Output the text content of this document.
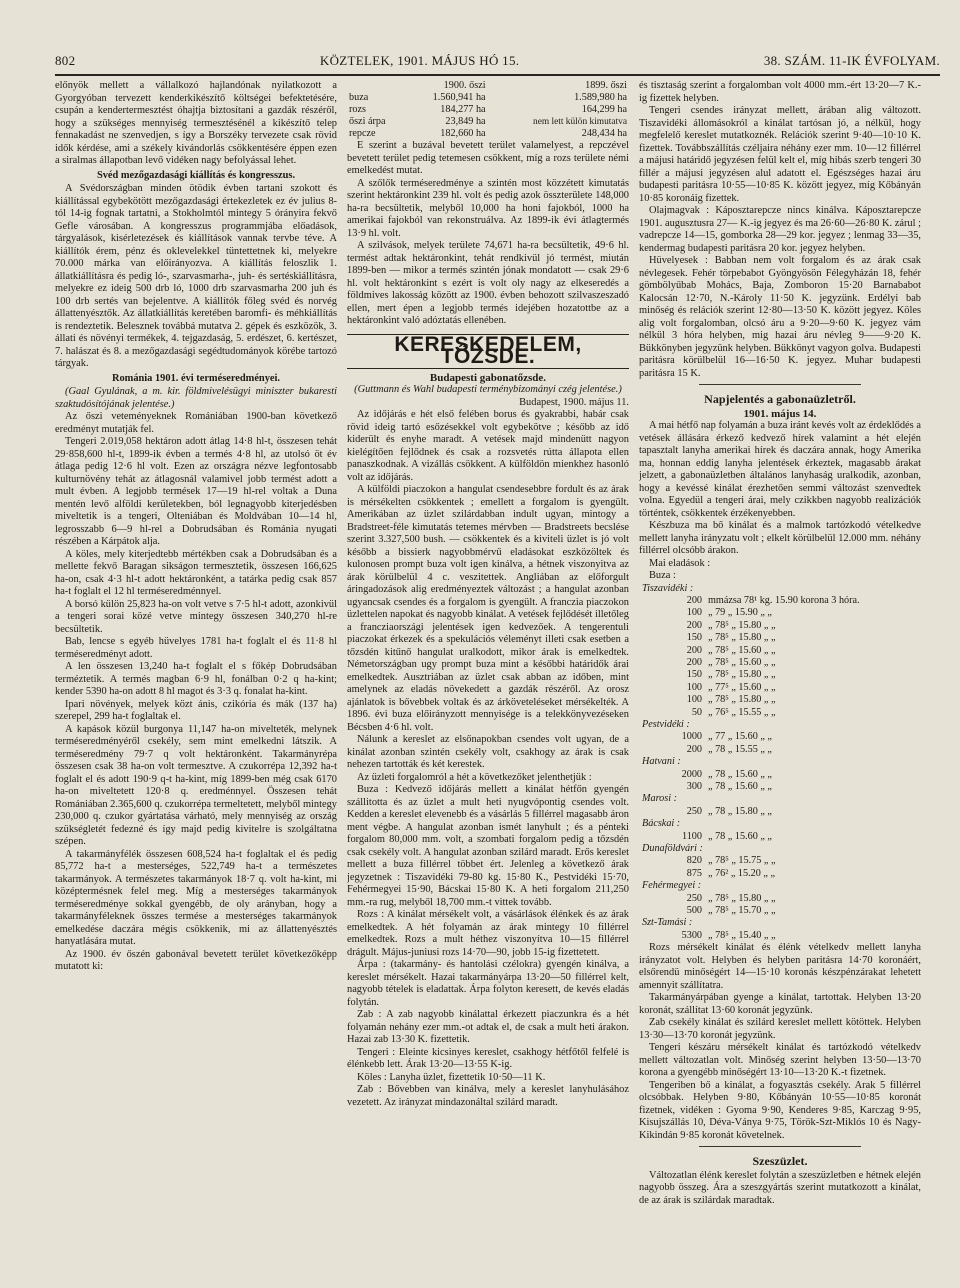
802	KÖZTELEK, 1901. MÁJUS HÓ 15.	38. SZÁM. 11-IK ÉVFOLYAM.

előnyök mellett a vállalkozó hajlandónak nyilatkozott a Gyorgyóban tervezett kenderkikészítő költségei befektetésére, csupán a kendertermesztést óhajtja biztosítani a gazdák részéről, hogy a szükséges mennyiség termesztésénél a kikészítő telep fennakadást ne szenvedjen, s így a Borszéky tervezete csak rövid idők kérdése, ami a székely kivándorlás csökkentésére éppen ezen a siralmas állapotban levő vidéken nagy befolyással lehet.

Svéd mezőgazdasági kiállítás és kongresszus.

A Svédországban minden ötödik évben tartani szokott és kiállítással egybekötött mezőgazdasági értekezletek ez év julius 8-tól 14-ig fognak tartatni, a Stokholmtól mintegy 5 órányira fekvő Gefle városában. A kongresszus programmjába előadások, tárgyalások, kisérletezések és kiállítások vannak tervbe téve. A kiállítók érem, pénz és oklevelekkel tüntettetnek ki, melyekre 70.000 márka van előirányozva. A kiállítás feloszlik 1. állatkiállításra és pedig ló-, szarvasmarha-, juh- és sertéskiállításra, melyekre ez ideig 500 drb ló, 1000 drb szarvasmarha 200 juh és 100 drb sertés van bejelentve. A kiállítók főleg svéd és norvég állattenyésztők. Az állatkiállítás keretében baromfi- és méhkiállítás is rendeztetik. Belesznek továbbá mutatva 2. gépek és eszközök, 3. állati és növényi termékek, 4. tejgazdaság, 5. erdészet, 6. kertészet, 7. halászat és 8. a mezőgazdasági segédtudományok körébe tartozó tárgyak.

Románia 1901. évi terméseredményei.

(Gaal Gyulának, a m. kir. földmivelésügyi miniszter bukaresti szaktudósítójának jelentése.)

Az őszi veteményeknek Romániában 1900-ban következő eredményt mutatják fel.

Tengeri 2.019,058 hektáron adott átlag 14·8 hl-t, összesen tehát 29·858,600 hl-t, 1899-ik évben a termés 4·8 hl, az utolsó öt év átlaga pedig 12·6 hl volt. Ezen az országra nézve legfontosabb kulturnövény tehát az átlagosnál valamivel jobb termést adott a mult évben. A legjobb termések 17—19 hl-rel voltak a Duna mentén levő alföldi kerületekben, ból legnagyobb kiterjedésben miveltetik is a tengeri, Olteniában és Moldvában 10—14 hl, legrosszabb 6—9 hl-rel a Dobrudsában és Románia nyugati részében a Kárpátok alja.

A köles, mely kiterjedtebb mértékben csak a Dobrudsában és a mellette fekvő Baragan sikságon termesztetik, összesen 166,625 ha-on, csak 4·3 hl-t adott hektáronként, a tatárka pedig csak 857 ha-t foglalt el 12 hl terméseredménnyel.

A borsó külön 25,823 ha-on volt vetve s 7·5 hl-t adott, azonkivül a tengeri sorai közé vetve mintegy összesen 340,270 hl-re becsültetik.

Bab, lencse s egyéb hüvelyes 1781 ha-t foglalt el és 11·8 hl terméseredményt adott.

A len összesen 13,240 ha-t foglalt el s főkép Dobrudsában terméztetik. A termés magban 6·9 hl, fonálban 0·2 q ha-kint; kender 5390 ha-on adott 8 hl magot és 3·3 q. fonalat ha-kint.

Ipari növények, melyek közt ánis, czikória és mák (137 ha) szerepel, 299 ha-t foglaltak el.

A kapások közül burgonya 11,147 ha-on mivelteték, melynek terméseredményéről csekély, sem mint emelkedni látszik. A terméseredmény 79·7 q volt hektáronként. Takarmányrépa összesen csak 38 ha-on volt termesztve. A czukorrépa 12,392 ha-t foglalt el és adott 190·9 q-t ha-kint, míg 1899-ben még csak 6170 ha-on miveltetett 120·8 q. eredménnyel. Összesen tehát Romániában 2.365,600 q. czukorrépa termeltetett, melyből mintegy 230,000 q. czukor gyártatása várható, mely mennyiség az ország szükségletét fedezné és így majd pedig kivitelre is szolgáltatna szépen.

A takarmányfélék összesen 608,524 ha-t foglaltak el és pedig 85,772 ha-t a mesterséges, 522,749 ha-t a természetes takarmányok. A természetes takarmányok 18·7 q. volt ha-kint, mi középtermésnek felel meg. Míg a mesterséges takarmányok terméseredménye sokkal gyengébb, de oly arányban, hogy a takarmányféleknek összes termése a mesterséges takarmányok emelkedése daczára mégis csökkenik, mi az állattenyésztés hanyatlására mutat.

Az 1900. év őszén gabonával bevetett terület következőképp mutatott ki:

	1900. őszi	1899. őszi
buza	1.560,941 ha	1.589,980 ha
rozs	184,277 ha	164,299 ha
őszi árpa	23,849 ha	nem lett külön kimutatva
repcze	182,660 ha	248,434 ha

E szerint a buzával bevetett terület valamelyest, a repczével bevetett terület pedig tetemesen csökkent, míg a rozs területe némi emelkedést mutat.

A szőlők terméseredménye a szintén most közzétett kimutatás szerint hektáronkint 239 hl. volt és pedig azok összterülete 148,000 ha-ra becsültetik, melyből 10,000 ha honi fajokból, 1000 ha amerikai fajokból van rekonstruálva. Az 1899-ik évi átlagtermés 13·9 hl. volt.

A szilvások, melyek területe 74,671 ha-ra becsültetik, 49·6 hl. termést adtak hektáronkint, tehát rendkivül jó termést, miután 1899-ben — mikor a termés szintén jónak mondatott — csak 29·6 hl. volt hektáronkint s ezért is volt oly nagy az elkeseredés a földmives lakosság között az 1900. évben behozott szilvaszeszadó ellen, mert épen a legjobb termés idejében hozatottbe az a hektáronkint való adóztatás ellenében.

KERESKEDELEM, TŐZSDE.
Budapesti gabonatőzsde.

(Guttmann és Wahl budapesti terménybizományi czég jelentése.)

Budapest, 1900. május 11.

Az időjárás e hét első felében borus és gyakrabbi, habár csak rövid ideig tartó esőzésekkel volt egybekötve ; később az idő kiderült és enyhe maradt. A vetések majd mindenütt nagyon kielégítően fejlődnek és csak a rozsvetés rútta állapota ellen panaszkodnak. A vizállás csökkent. A külföldön mienkhez hasonló volt az időjárás.

A külföldi piaczokon a hangulat csendesebbre fordult és az árak is mérsékelten csökkentek ; emellett a forgalom is gyengült. Amerikában az üzlet szilárdabban indult ugyan, mintogy a Bradstreet-féle kimutatás tetemes mérvben — Bradstreets becslése szerint 3.327,500 bush. — csökkentek és a kiviteli üzlet is jó volt később a bissierk nagyobbmérvű eladásokat eszközöltek és kulonosen prompt buza volt igen kinálva, a hétnek viszonyitva az árak körülbelül 4 c. veszitettek. Angliában az előforgult áringadozások alig eredményeztek változást ; a hangulat azonban ugyancsak csendes és a forgalom is gyengült. A franczia piaczokon üzlettelen napokat és nagyobb kinálat. A vetések fejlődését illetőleg a francziaországi jelentések igen kedvezőek. A tengerentuli piaczokat érkezek és a spekulációs véleményt illeti csak esetben a tőzsdén kitűnő hangulat uralkodott, mikor árak is emelkedtek. Németországban ugy prompt buza mint a későbbi határidők árai emelkedtek. Ausztriában az üzlet csak abban az időben, mint amelynek az eladás növekedett a gazdák részéről. Az orosz ajánlatok is bővebbek voltak és az árköveteléseket mérsékelték. A 1896. évi buza előirányzott mennyisége is a telekkönyvezéseken Bécsben 4·6 hl. volt.

Nálunk a kereslet az elsőnapokban csendes volt ugyan, de a kinálat azonban szintén csekély volt, csakhogy az árak is csak nehezen tartották és két kerestek.

Az üzleti forgalomról a hét a következőket jelenthetjük :

Buza : Kedvező időjárás mellett a kinálat hétfőn gyengén szállitotta és az üzlet a mult heti nyugvópontig csendes volt. Kedden a kereslet elevenebb és a vásárlás 5 fillérrel magasabb áron ment végbe. A hangulat azonban ismét lanyhult ; és a pénteki forgalom 80,000 mm. volt, a szombati forgalom pedig a tőzsdén csak csekély volt. A hangulat azonban szilárd maradt. Erős kereslet mellett a buza fillérrel többet ért. Jelenleg a következő árak jegyzetnek : Tiszavidéki 79-80 kg. 15·80 K., Pestvidéki 15·70, Fehérmegyei 15·90, Bácskai 15·80 K. A heti forgalom 211,250 mm.-ra rug, melyből 18,700 mm.-t vittek tovább.

Rozs : A kinálat mérsékelt volt, a vásárlások élénkek és az árak emelkedtek. A hét folyamán az árak mintegy 10 fillérrel emelkedtek. Rozs a mult héthez viszonyítva 10—15 fillérrel drágult. Május-juniusi rozs 14·70—90, jobb 15-ig fizettetett.

Árpa : (takarmány- és hantolási czélokra) gyengén kinálva, a kereslet mérsékelt. Hazai takarmányárpa 13·20—50 fillérrel kelt, nagyobb tételek is eladattak. Árpa folyton keresett, de kevés eladás folytán.

Zab : A zab nagyobb kinálattal érkezett piaczunkra és a hét folyamán nehány ezer mm.-ot adtak el, de csak a mult heti árakon. Hazai zab 13·30 K. fizettetik.

Tengeri : Eleinte kicsinyes kereslet, csakhogy hétfőtől felfelé is élénkebb lett. Árak 13·20—13·55 K-ig.

Köles : Lanyha üzlet, fizettetik 10·50—11 K.

Zab : Bővebben van kinálva, mely a kereslet lanyhulásához vezetett. Az irányzat mindazonáltal szilárd maradt.

és tisztaság szerint a forgalomban volt 4000 mm.-ért 13·20—7 K.-ig fizettek helyben.

Tengeri csendes irányzat mellett, árában alig változott. Tiszavidéki állomásokról a kinálat tartósan jó, a nélkül, hogy megfelelő kereslet mutatkoznék. Relációk szerint 9·40—10·10 K. fizettek. Továbbszállítás czéljaira néhány ezer mm. 10—12 fillérrel a májusi határidő jegyzésen felül kelt el, míg hibás szerb tengeri 30 fillér a májusi jegyzésen alul adatott el. Egészséges hazai áru budapesti paritásra 10·55—10·85 K. között jegyez, míg Kőbányán 10·85 koronáig fizettek.

Olajmagvak : Káposztarepcze nincs kinálva. Káposztarepcze 1901. augusztusra 27— K.-ig jegyez és ma 26·60—26·80 K. zárul ; vadrepcze 14—15, gomborka 28—29 kor. jegyez ; lenmag 33—35, kendermag budapesti paritásra 20 kor. jegyez helyben.

Hüvelyesek : Babban nem volt forgalom és az árak csak névlegesek. Fehér törpebabot Gyöngyösön Félegyházán 18, fehér gömbölyűbab Mohács, Baja, Zomboron 15·20 Barnababot Kalocsán 12·70, N.-Károly 11·50 K. jegyzünk. Erdélyi bab minőség és relációk szerint 12·80—13·50 K. között jegyez. Köles alig volt forgalomban, olcsó áru a 9·20—9·60 K. jegyez vám nélkül 3 hóra helyben, mig hazai áru névleg 9——9·20 K. Bükkönyben jegyzünk helyben. Bükkönyt vagyon golva. Budapesti paritásra körülbelül 16—16·50 K. jegyez. Muhar budapesti paritásra 15 K.

Napjelentés a gabonaüzletről.
1901. május 14.

A mai hétfő nap folyamán a buza iránt kevés volt az érdeklődés a vetések állására érkező kedvező hírek valamint a hét elején tapasztalt lanyha amerikai hírek és daczára annak, hogy Amerika ma, honnan eddig lanyha jelentések érkeztek, magasabb árakat jelzett, a gabonaüzletben általános lanyhaság uralkodik, azonban, hogy a kevéssé kinálat érezhetően semmi változást szenvedtek volna. Egyedül a tengeri árai, mely czikkben nagyobb realizációk történtek, csökkentek érzékenyebben.

Készbuza ma bő kinálat és a malmok tartózkodó vételkedve mellett lanyha irányzatu volt ; elkelt körülbelül 12.000 mm. néhány fillérrel olcsóbb árakon.

Mai eladások :

Buza :

Tiszavidéki :	
200	mmázsa 78¹ kg. 15.90 korona 3 hóra.
100	„ 79 „ 15.90 „ „
200	„ 78⁵ „ 15.80 „ „
150	„ 78⁵ „ 15.80 „ „
200	„ 78⁵ „ 15.60 „ „
200	„ 78⁵ „ 15.60 „ „
150	„ 78⁵ „ 15.80 „ „
100	„ 77⁵ „ 15.60 „ „
100	„ 78⁵ „ 15.80 „ „
50	„ 76⁵ „ 15.55 „ „
Pestvidéki :	
1000	„ 77 „ 15.60 „ „
200	„ 78 „ 15.55 „ „
Hatvani :	
2000	„ 78 „ 15.60 „ „
300	„ 78 „ 15.60 „ „
Marosi :	
250	„ 78 „ 15.80 „ „
Bácskai :	
1100	„ 78 „ 15.60 „ „
Dunaföldvári :	
820	„ 78⁵ „ 15.75 „ „
875	„ 76² „ 15.20 „ „
Fehérmegyei :	
250	„ 78⁵ „ 15.80 „ „
500	„ 78⁵ „ 15.70 „ „
Szt-Tamási :	
5300	„ 78⁵ „ 15.40 „ „

Rozs mérsékelt kinálat és élénk vételkedv mellett lanyha irányzatot volt. Helyben és helyben paritásra 14·70 koronáért, elsőrendü minőségért 14—15·10 koronás készpénzárakat lehetett amennyit szállítatra.

Takarmányárpában gyenge a kinálat, tartottak. Helyben 13·20 koronát, szállítat 13·60 koronát jegyzünk.

Zab csekély kinálat és szilárd kereslet mellett kötöttek. Helyben 13·30—13·70 koronát jegyzünk.

Tengeri készáru mérsékelt kinálat és tartózkodó vételkedv mellett változatlan volt. Minőség szerint helyben 13·50—13·70 korona a gyengébb minőségért 13·10—13·20 K.-t fizetnek.

Tengeriben bő a kinálat, a fogyasztás csekély. Arak 5 fillérrel olcsóbbak. Helyben 9·80, Kőbányán 10·55—10·85 koronát fizetnek, vidéken : Gyoma 9·90, Kenderes 9·85, Karczag 9·95, Kisujszállás 10, Déva-Ványa 9·75, Török-Szt-Miklós 10 és Nagy-Kikindán 9·85 koronát követelnek.

Szeszüzlet.

Változatlan élénk kereslet folytán a szeszüzletben e hétnek elején nagyobb összeg. Ára a szeszgyártás szerint mutatkozott a kinálat, de az árak is szilárdak maradtak.
